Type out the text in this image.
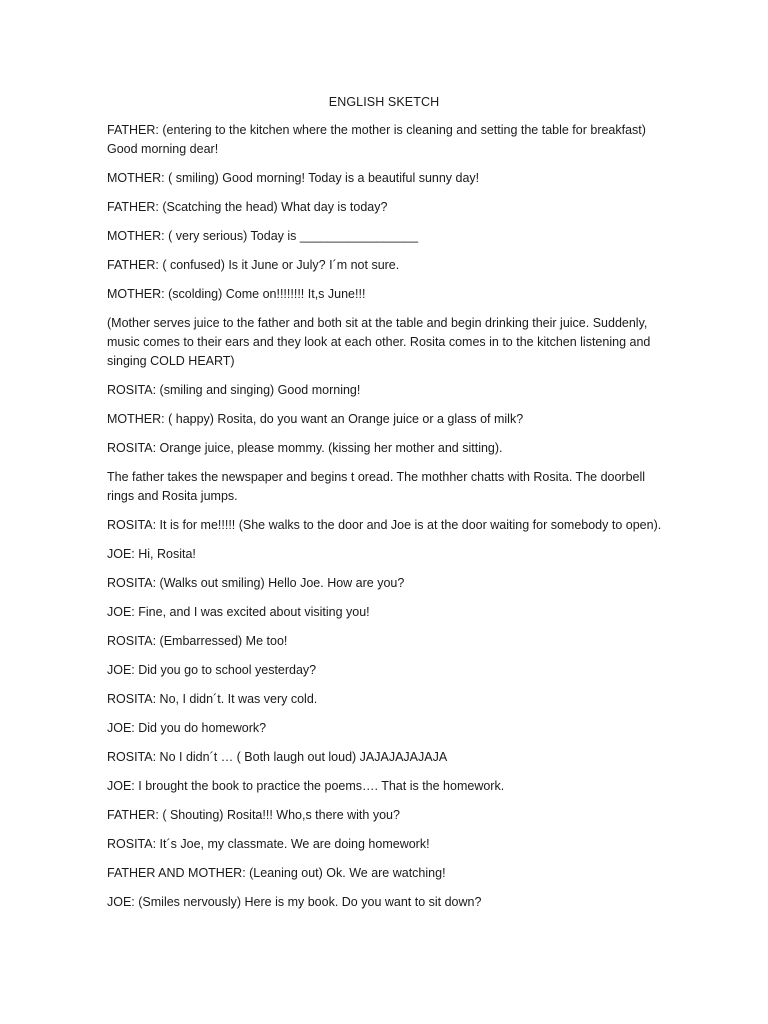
ENGLISH SKETCH

FATHER: (entering to the kitchen where the mother is cleaning and setting the table for breakfast) Good morning dear!

MOTHER: ( smiling) Good morning! Today is a beautiful sunny day!

FATHER: (Scatching the head) What day is today?

MOTHER: ( very serious) Today is _________________

FATHER: ( confused) Is it June or July? I´m not sure.

MOTHER: (scolding) Come on!!!!!!!! It,s June!!!

(Mother serves juice to the father and both sit at the table and begin drinking their juice. Suddenly, music comes to their ears and they look at each other. Rosita comes in to the kitchen listening and singing COLD HEART)

ROSITA: (smiling and singing) Good morning!

MOTHER: ( happy) Rosita, do you want an Orange juice or a glass of milk?

ROSITA: Orange juice, please mommy. (kissing her mother and sitting).

The father takes the newspaper and begins t oread. The mothher chatts with Rosita. The doorbell rings and Rosita jumps.

ROSITA: It is for me!!!!! (She walks to the door and Joe is at the door waiting for somebody to open).

JOE: Hi, Rosita!

ROSITA: (Walks out smiling) Hello Joe. How are you?

JOE: Fine, and I was excited about visiting you!

ROSITA: (Embarressed) Me too!

JOE: Did you go to school yesterday?

ROSITA: No, I didn´t. It was very cold.

JOE: Did you do homework?

ROSITA: No I didn´t … ( Both laugh out loud) JAJAJAJAJAJA

JOE: I brought the book to practice the poems…. That is the homework.

FATHER: ( Shouting) Rosita!!! Who,s there with you?

ROSITA: It´s Joe, my classmate. We are doing homework!

FATHER AND MOTHER: (Leaning out) Ok. We are watching!

JOE: (Smiles nervously) Here is my book. Do you want to sit down?
